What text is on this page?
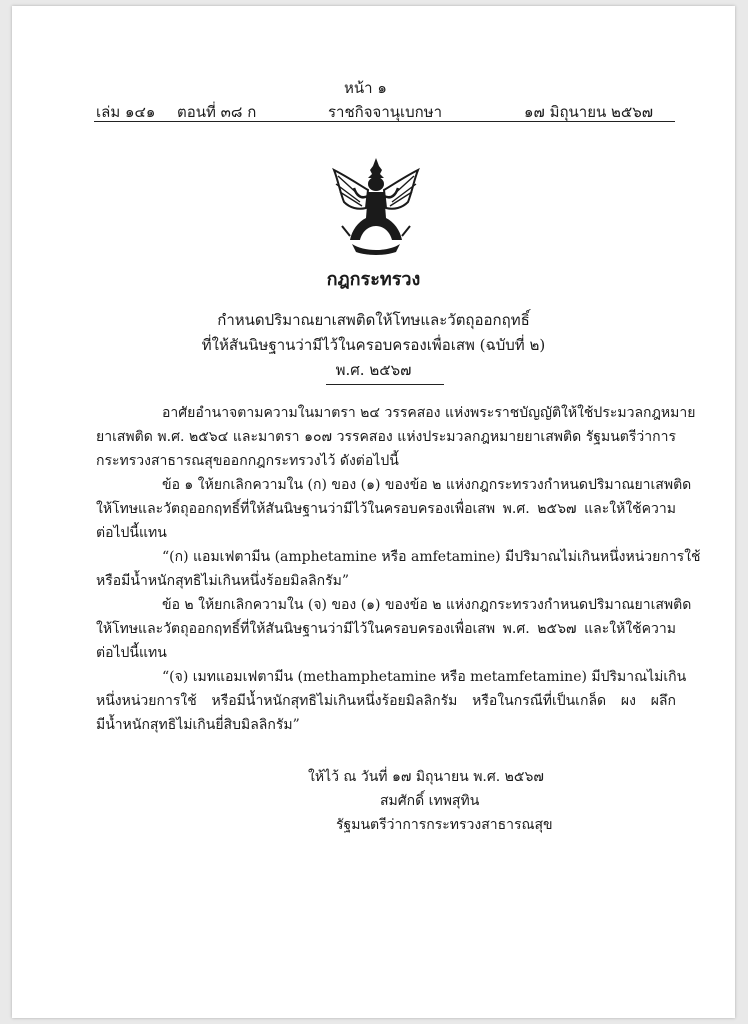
หน้า ๑
เล่ม ๑๔๑ ตอนที่ ๓๘ ก	ราชกิจจานุเบกษา	๑๗ มิถุนายน ๒๕๖๗
กฎกระทรวง
กำหนดปริมาณยาเสพติดให้โทษและวัตถุออกฤทธิ์
ที่ให้สันนิษฐานว่ามีไว้ในครอบครองเพื่อเสพ (ฉบับที่ ๒)
พ.ศ. ๒๕๖๗
อาศัยอำนาจตามความในมาตรา ๒๔ วรรคสอง แห่งพระราชบัญญัติให้ใช้ประมวลกฎหมาย
ยาเสพติด พ.ศ. ๒๕๖๔ และมาตรา ๑๐๗ วรรคสอง แห่งประมวลกฎหมายยาเสพติด รัฐมนตรีว่าการ
กระทรวงสาธารณสุขออกกฎกระทรวงไว้ ดังต่อไปนี้
ข้อ ๑ ให้ยกเลิกความใน (ก) ของ (๑) ของข้อ ๒ แห่งกฎกระทรวงกำหนดปริมาณยาเสพติด
ให้โทษและวัตถุออกฤทธิ์ที่ให้สันนิษฐานว่ามีไว้ในครอบครองเพื่อเสพ พ.ศ. ๒๕๖๗ และให้ใช้ความ
ต่อไปนี้แทน
“(ก) แอมเฟตามีน (amphetamine หรือ amfetamine) มีปริมาณไม่เกินหนึ่งหน่วยการใช้
หรือมีน้ำหนักสุทธิไม่เกินหนึ่งร้อยมิลลิกรัม”
ข้อ ๒ ให้ยกเลิกความใน (จ) ของ (๑) ของข้อ ๒ แห่งกฎกระทรวงกำหนดปริมาณยาเสพติด
ให้โทษและวัตถุออกฤทธิ์ที่ให้สันนิษฐานว่ามีไว้ในครอบครองเพื่อเสพ พ.ศ. ๒๕๖๗ และให้ใช้ความ
ต่อไปนี้แทน
“(จ) เมทแอมเฟตามีน (methamphetamine หรือ metamfetamine) มีปริมาณไม่เกิน
หนึ่งหน่วยการใช้ หรือมีน้ำหนักสุทธิไม่เกินหนึ่งร้อยมิลลิกรัม หรือในกรณีที่เป็นเกล็ด ผง ผลึก
มีน้ำหนักสุทธิไม่เกินยี่สิบมิลลิกรัม”
ให้ไว้ ณ วันที่ ๑๗ มิถุนายน พ.ศ. ๒๕๖๗
สมศักดิ์ เทพสุทิน
รัฐมนตรีว่าการกระทรวงสาธารณสุข
